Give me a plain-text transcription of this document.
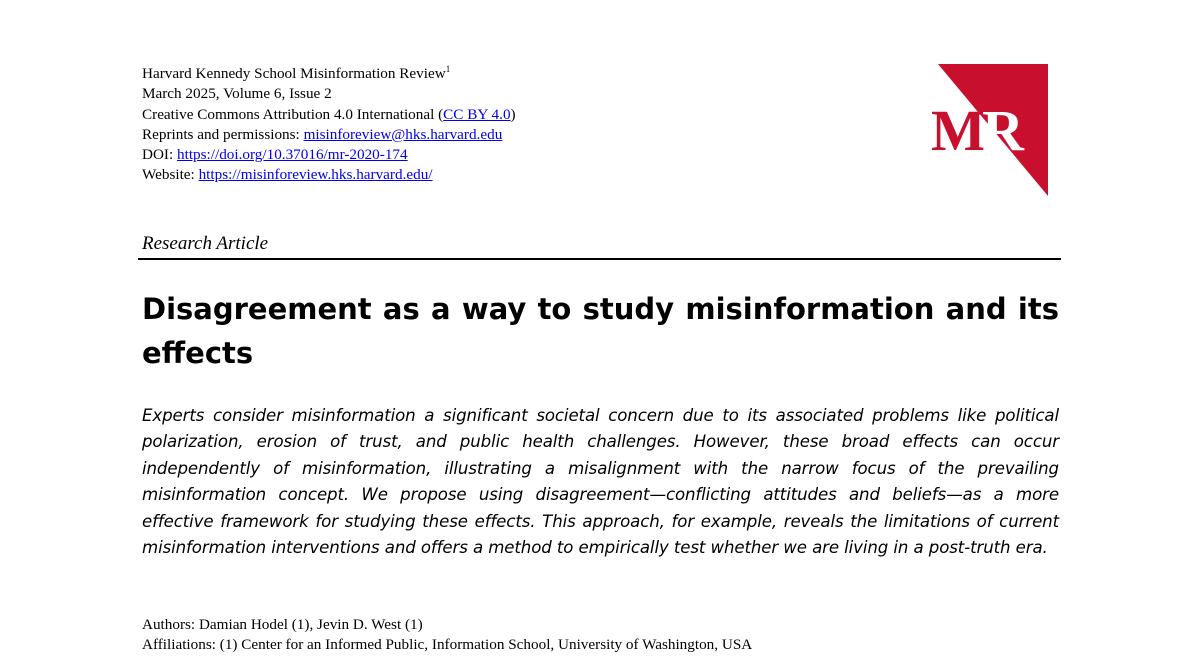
Harvard Kennedy School Misinformation Review$^1$
March 2025, Volume 6, Issue 2
Creative Commons Attribution 4.0 International (CC BY 4.0)
Reprints and permissions: misinforeview@hks.harvard.edu
DOI: https://doi.org/10.37016/mr-2020-174
Website: https://misinforeview.hks.harvard.edu/
M R
Research Article
Disagreement as a way to study misinformation and its effects

Experts consider misinformation a significant societal concern due to its associated problems like political polarization, erosion of trust, and public health challenges. However, these broad effects can occur independently of misinformation, illustrating a misalignment with the narrow focus of the prevailing misinformation concept. We propose using disagreement—conflicting attitudes and beliefs—as a more effective framework for studying these effects. This approach, for example, reveals the limitations of current misinformation interventions and offers a method to empirically test whether we are living in a post-truth era.

Authors: Damian Hodel (1), Jevin D. West (1)
Affiliations: (1) Center for an Informed Public, Information School, University of Washington, USA
